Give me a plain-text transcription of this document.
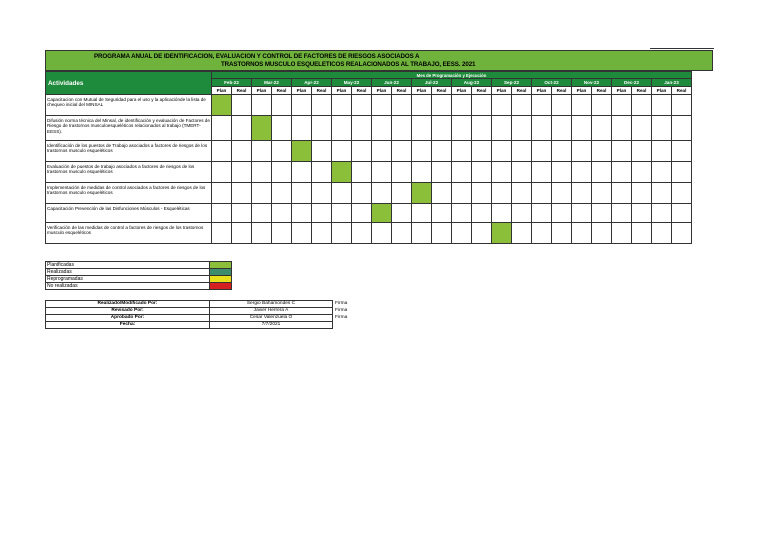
PROGRAMA ANUAL DE IDENTIFICACION, EVALUACION Y CONTROL DE FACTORES DE RIESGOS ASOCIADOS A
TRASTORNOS MUSCULO ESQUELETICOS REALACIONADOS AL TRABAJO, EESS. 2021
Actividades	Mes de Programación y Ejecución																							
	Feb-22		Mar-22		Apr-22		May-22		Jun-22		Jul-22		Aug-22		Sep-22		Oct-22		Nov-22		Dec-22		Jan-23	
	Plan	Real	Plan	Real	Plan	Real	Plan	Real	Plan	Real	Plan	Real	Plan	Real	Plan	Real	Plan	Real	Plan	Real	Plan	Real	Plan	Real
Capacitacion con Mutual de Seguridad para el uso y la aplicaciónde la lista de chequeo inicial del MINSAL																								
Difusión norma técnica del Minsal, de identificación y evaluación de Factores de Riesgo de trastornos musculoesqueléticos relacionados al trabajo (TMERT-EESS).																								
Identificación de los puestos de Trabajo asociados a factores de riesgos de los trastornos musculo esqueléticos																								
Evaluación de puestos de trabajo asociados a factores de riesgos de los trastornos musculo esqueléticos																								
Implementación de medidas de control asociados a factores de riesgos de los trastornos musculo esqueléticos																								
Capacitación Prevención de las Disfunciones Músculos - Esqueléticas																								
Verificación de las medidas de control a factores de riesgos de los trastornos musculo esqueléticos																								
Planificadas	
Realizadas	
Reprogramadas	
No realizadas	
Realizado/Modificado Por:	Sergio Bahamondes C	Firma
Revisado Por:	Javier Herrera A	Firma
Aprobado Por:	Cesar Valenzuela O	Firma
Fecha:	7/7/2021	
